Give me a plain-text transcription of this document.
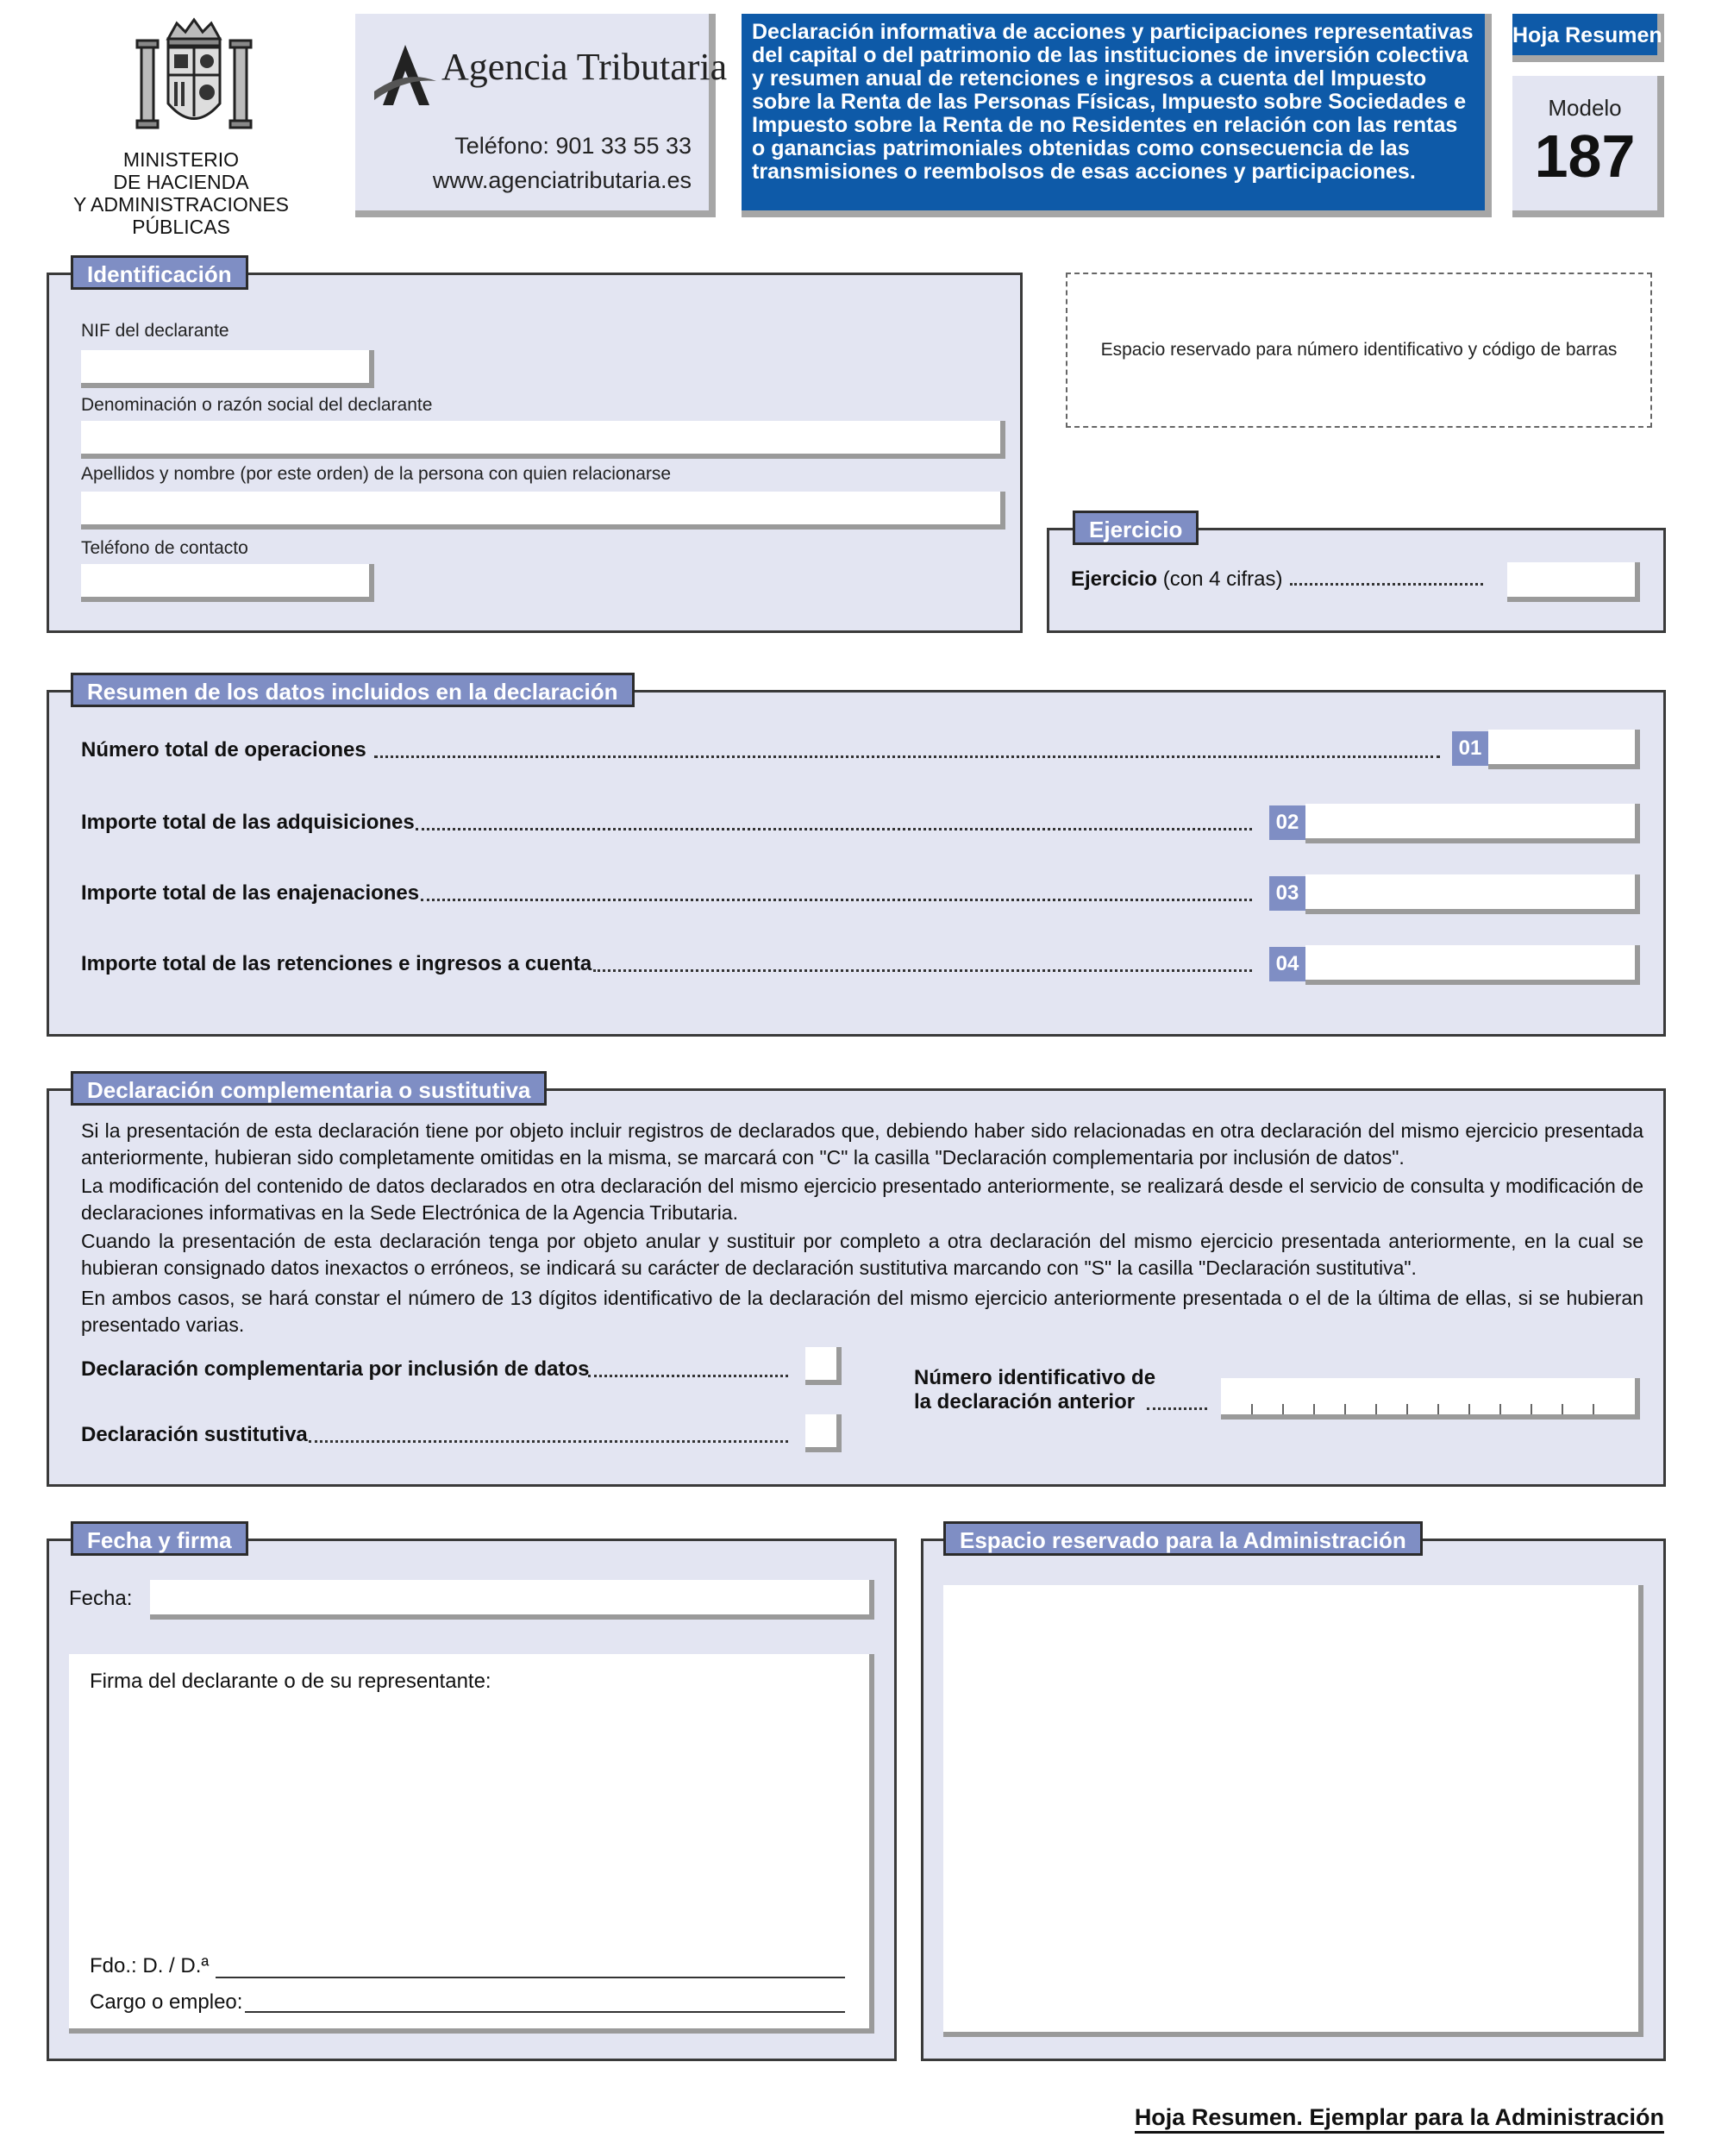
MINISTERIO
DE HACIENDA
Y ADMINISTRACIONES PÚBLICAS
Agencia Tributaria
Teléfono: 901 33 55 33
www.agenciatributaria.es
Declaración informativa de acciones y participaciones representativas del capital o del patrimonio de las instituciones de inversión colectiva y resumen anual de retenciones e ingresos a cuenta del Impuesto sobre la Renta de las Personas Físicas, Impuesto sobre Sociedades e Impuesto sobre la Renta de no Residentes en relación con las rentas o ganancias patrimoniales obtenidas como consecuencia de las transmisiones o reembolsos de esas acciones y participaciones.
Hoja Resumen
Modelo
187
Identificación
NIF del declarante
Denominación o razón social del declarante
Apellidos y nombre (por este orden) de la persona con quien relacionarse
Teléfono de contacto
Espacio reservado para número identificativo y código de barras
Ejercicio
Ejercicio (con 4 cifras)
Resumen de los datos incluidos en la declaración
Número total de operaciones	01
Importe total de las adquisiciones	02
Importe total de las enajenaciones	03
Importe total de las retenciones e ingresos a cuenta	04
Declaración complementaria o sustitutiva
Si la presentación de esta declaración tiene por objeto incluir registros de declarados que, debiendo haber sido relacionadas en otra declaración del mismo ejercicio presentada anteriormente, hubieran sido completamente omitidas en la misma, se marcará con "C" la casilla "Declaración complementaria por inclusión de datos".
La modificación del contenido de datos declarados en otra declaración del mismo ejercicio presentado anteriormente, se realizará desde el servicio de consulta y modificación de declaraciones informativas en la Sede Electrónica de la Agencia Tributaria.
Cuando la presentación de esta declaración tenga por objeto anular y sustituir por completo a otra declaración del mismo ejercicio presentada anteriormente, en la cual se hubieran consignado datos inexactos o erróneos, se indicará su carácter de declaración sustitutiva marcando con "S" la casilla "Declaración sustitutiva".
En ambos casos, se hará constar el número de 13 dígitos identificativo de la declaración del mismo ejercicio anteriormente presentada o el de la última de ellas, si se hubieran presentado varias.
Declaración complementaria por inclusión de datos
Declaración sustitutiva
Número identificativo de
la declaración anterior
Fecha y firma
Fecha:
Firma del declarante o de su representante:
Fdo.: D. / D.ª
Cargo o empleo:
Espacio reservado para la Administración
Hoja Resumen. Ejemplar para la Administración
